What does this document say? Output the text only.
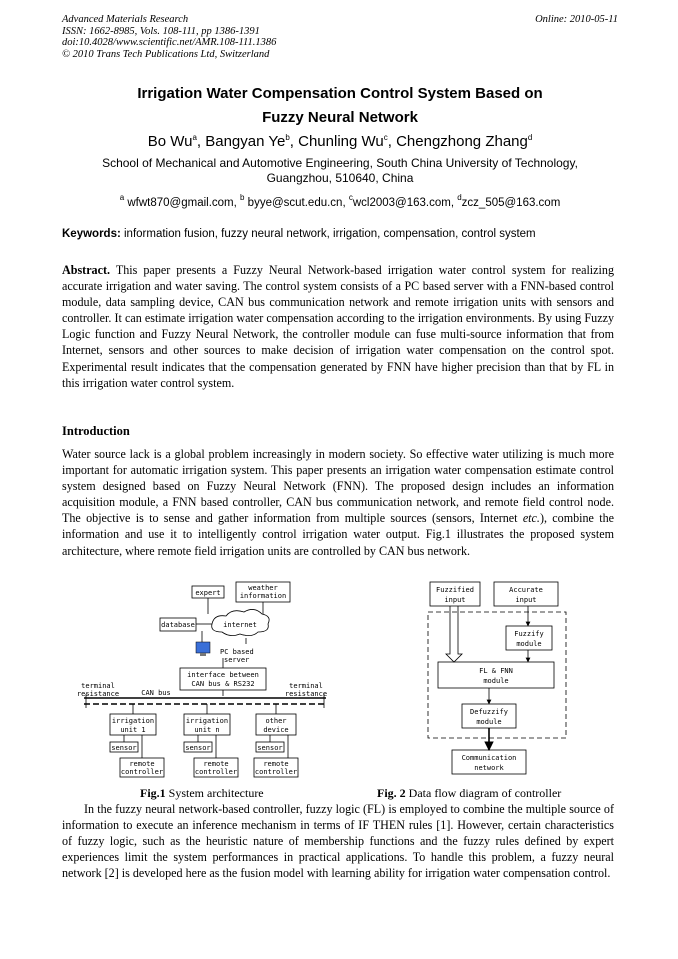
Advanced Materials Research
ISSN: 1662-8985, Vols. 108-111, pp 1386-1391
doi:10.4028/www.scientific.net/AMR.108-111.1386
© 2010 Trans Tech Publications Ltd, Switzerland
Online: 2010-05-11
Irrigation Water Compensation Control System Based on
Fuzzy Neural Network
Bo Wu$^a$, Bangyan Ye$^b$, Chunling Wu$^c$, Chengzhong Zhang$^d$
School of Mechanical and Automotive Engineering, South China University of Technology,
Guangzhou, 510640, China
$^a$ wfwt870@gmail.com, $^b$ byye@scut.edu.cn, $^c$wcl2003@163.com, $^d$zcz_505@163.com
Keywords: information fusion, fuzzy neural network, irrigation, compensation, control system
Abstract. This paper presents a Fuzzy Neural Network-based irrigation water control system for realizing accurate irrigation and water saving. The control system consists of a PC based server with a FNN-based control module, data sampling device, CAN bus communication network and remote irrigation units with sensors and controller. It can estimate irrigation water compensation according to the irrigation environments. By using Fuzzy Logic function and Fuzzy Neural Network, the controller module can fuse multi-source information that from Internet, sensors and other sources to make decision of irrigation water compensation on the control spot. Experimental result indicates that the compensation generated by FNN have higher precision than that by FL in this irrigation water control system.
Introduction
Water source lack is a global problem increasingly in modern society. So effective water utilizing is much more important for automatic irrigation system. This paper presents an irrigation water compensation estimate control system designed based on Fuzzy Neural Network (FNN). The proposed design includes an information acquisition module, a FNN based controller, CAN bus communication network, and remote field control node. The objective is to sense and gather information from multiple sources (sensors, Internet etc.), combine the information and use it to intelligently control irrigation water output. Fig.1 illustrates the proposed system architecture, where remote field irrigation units are controlled by CAN bus network.
expert
weather
information
database	internet
PC based
server
interface between
CAN bus & RS232
terminal
resistance	CAN bus
terminal
resistance
irrigation
unit 1
irrigation
unit n
other
device
sensor	sensor	sensor
remote
controller
remote
controller
remote
controller
Fuzzified
input
Accurate
input
Fuzzify
module
FL & FNN
module
Defuzzify
module
Communication
network
Fig.1 System architecture	Fig. 2 Data flow diagram of controller
In the fuzzy neural network-based controller, fuzzy logic (FL) is employed to combine the multiple source of information to execute an inference mechanism in terms of IF THEN rules [1]. However, certain characteristics of fuzzy logic, such as the heuristic nature of membership functions and the fuzzy rules defined by expert experiences limit the system performances in practical applications. To handle this problem, a fuzzy neural network [2] is developed here as the fusion model with learning ability for irrigation water compensation control.
